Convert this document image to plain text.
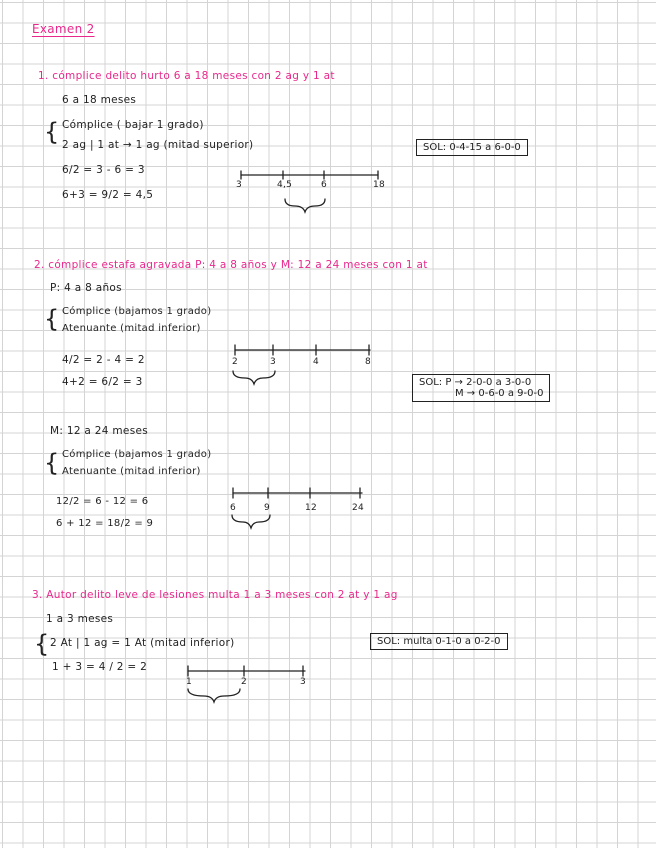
Examen 2
1. cómplice delito hurto 6 a 18 meses con 2 ag y 1 at
6 a 18 meses
{ Cómplice ( bajar 1 grado)
2 ag | 1 at → 1 ag (mitad superior)
6/2 = 3 - 6 = 3
6+3 = 9/2 = 4,5
SOL: 0-4-15 a 6-0-0
3	4,5	6	18
2. cómplice estafa agravada P: 4 a 8 años y M: 12 a 24 meses con 1 at
P: 4 a 8 años
{ Cómplice (bajamos 1 grado)
Atenuante (mitad inferior)
4/2 = 2 - 4 = 2
4+2 = 6/2 = 3
2	3	4	8
SOL: P → 2-0-0 a 3-0-0
M → 0-6-0 a 9-0-0
M: 12 a 24 meses
{ Cómplice (bajamos 1 grado)
Atenuante (mitad inferior)
12/2 = 6 - 12 = 6
6 + 12 = 18/2 = 9
6	9	12	24
3. Autor delito leve de lesiones multa 1 a 3 meses con 2 at y 1 ag
1 a 3 meses
{ 2 At | 1 ag = 1 At (mitad inferior)
1 + 3 = 4 / 2 = 2
SOL: multa 0-1-0 a 0-2-0
1	2	3
